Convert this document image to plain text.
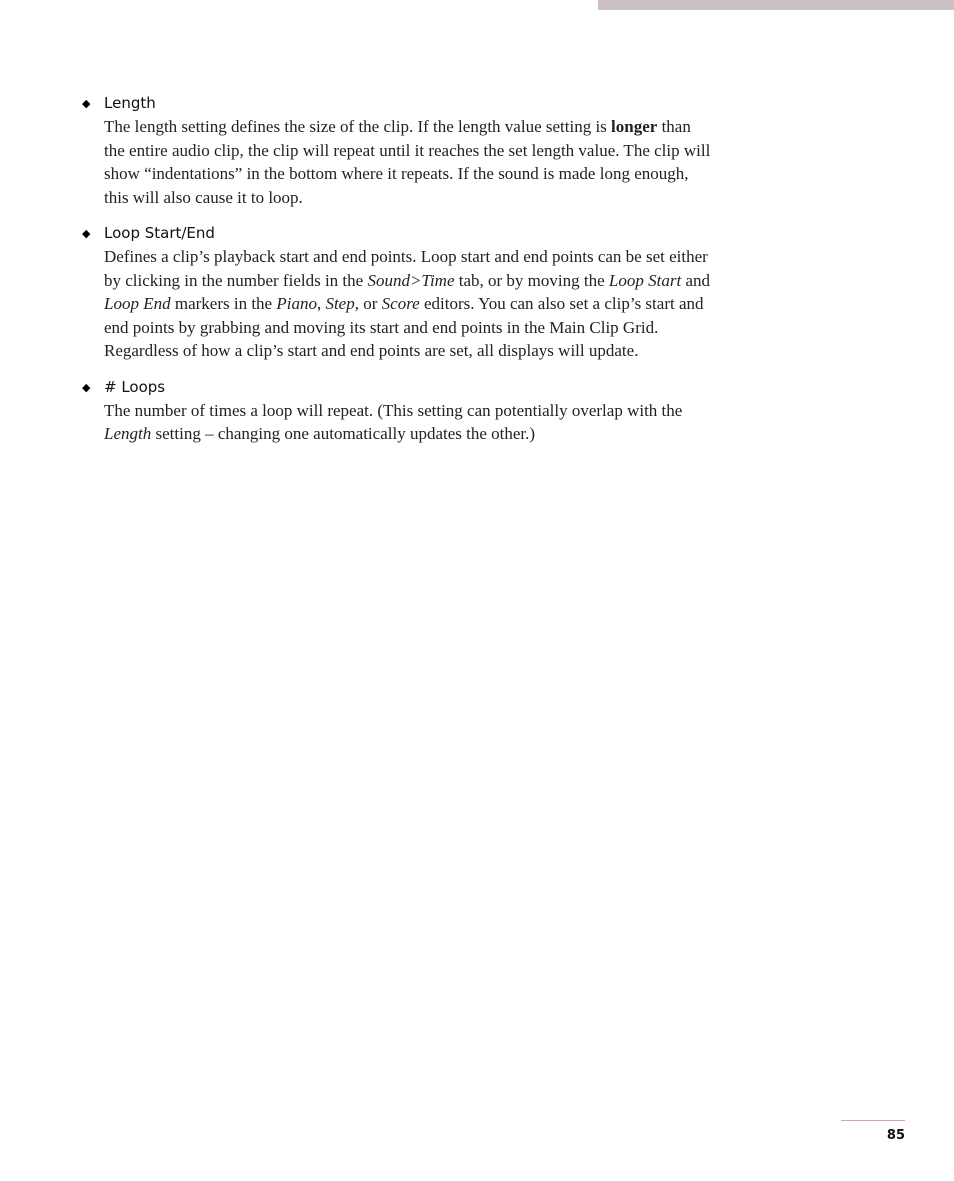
◆ Length
The length setting defines the size of the clip. If the length value setting is longer than the entire audio clip, the clip will repeat until it reaches the set length value. The clip will show “indentations” in the bottom where it repeats. If the sound is made long enough, this will also cause it to loop.
◆ Loop Start/End
Defines a clip’s playback start and end points. Loop start and end points can be set either by clicking in the number fields in the Sound>Time tab, or by moving the Loop Start and Loop End markers in the Piano, Step, or Score editors. You can also set a clip’s start and end points by grabbing and moving its start and end points in the Main Clip Grid. Regardless of how a clip’s start and end points are set, all displays will update.
◆ # Loops
The number of times a loop will repeat. (This setting can potentially overlap with the Length setting – changing one automatically updates the other.)
85
